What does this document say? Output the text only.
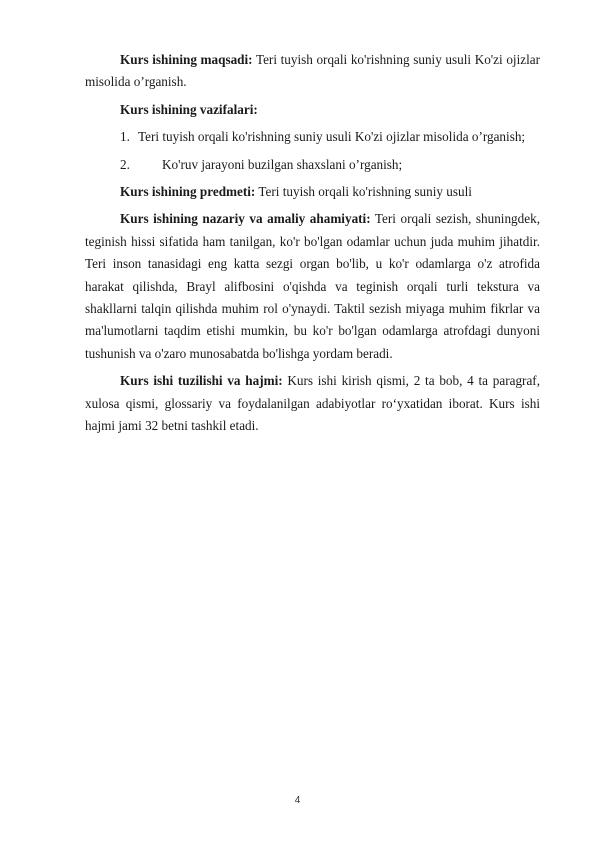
Kurs ishining maqsadi: Teri tuyish orqali ko'rishning suniy usuli Ko'zi ojizlar misolida o’rganish.

Kurs ishining vazifalari:

1. Teri tuyish orqali ko'rishning suniy usuli Ko'zi ojizlar misolida o’rganish;
2.	Ko'ruv jarayoni buzilgan shaxslani o’rganish;

Kurs ishining predmeti: Teri tuyish orqali ko'rishning suniy usuli

Kurs ishining nazariy va amaliy ahamiyati: Teri orqali sezish, shuningdek, teginish hissi sifatida ham tanilgan, ko'r bo'lgan odamlar uchun juda muhim jihatdir. Teri inson tanasidagi eng katta sezgi organ bo'lib, u ko'r odamlarga o'z atrofida harakat qilishda, Brayl alifbosini o'qishda va teginish orqali turli tekstura va shakllarni talqin qilishda muhim rol o'ynaydi. Taktil sezish miyaga muhim fikrlar va ma'lumotlarni taqdim etishi mumkin, bu ko'r bo'lgan odamlarga atrofdagi dunyoni tushunish va o'zaro munosabatda bo'lishga yordam beradi.

Kurs ishi tuzilishi va hajmi: Kurs ishi kirish qismi, 2 ta bob, 4 ta paragraf, xulosa qismi, glossariy va foydalanilgan adabiyotlar ro‘yxatidan iborat. Kurs ishi hajmi jami 32 betni tashkil etadi.

4
